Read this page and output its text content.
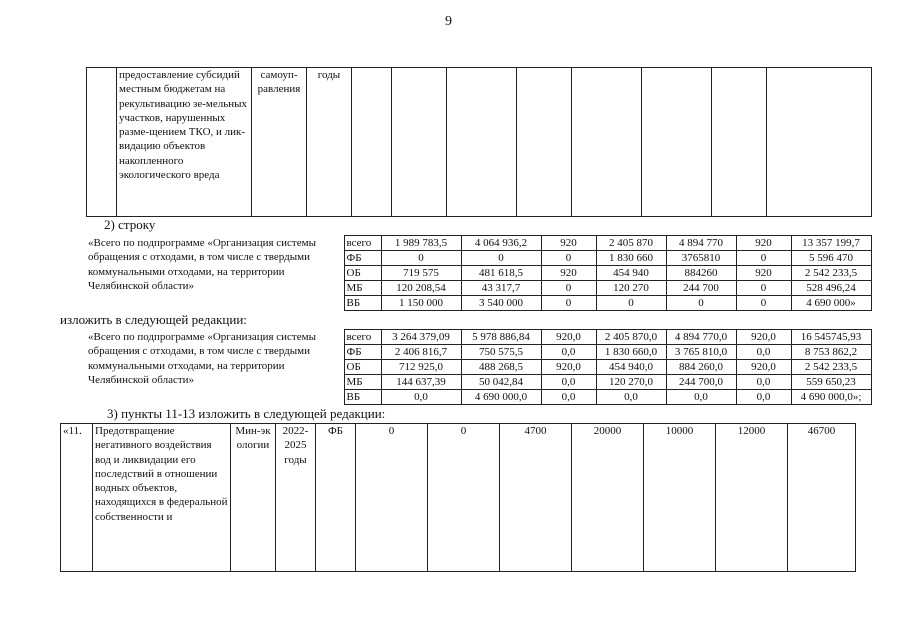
9
	предоставление субсидий местным бюджетам на рекультивацию зе-мельных участков, нарушенных разме-щением ТКО, и лик-видацию объектов накопленного экологического вреда	самоуп-равления	годы								
2) строку
«Всего по подпрограмме «Организация системы обращения с отходами, в том числе с твердыми коммунальными отходами, на территории Челябинской области»	всего	1 989 783,5	4 064 936,2	920	2 405 870	4 894 770	920	13 357 199,7
	ФБ	0	0	0	1 830 660	3765810	0	5 596 470
	ОБ	719 575	481 618,5	920	454 940	884260	920	2 542 233,5
	МБ	120 208,54	43 317,7	0	120 270	244 700	0	528 496,24
	ВБ	1 150 000	3 540 000	0	0	0	0	4 690 000»
изложить в следующей редакции:
«Всего по подпрограмме «Организация системы обращения с отходами, в том числе с твердыми коммунальными отходами, на территории Челябинской области»	всего	3 264 379,09	5 978 886,84	920,0	2 405 870,0	4 894 770,0	920,0	16 545745,93
	ФБ	2 406 816,7	750 575,5	0,0	1 830 660,0	3 765 810,0	0,0	8 753 862,2
	ОБ	712 925,0	488 268,5	920,0	454 940,0	884 260,0	920,0	2 542 233,5
	МБ	144 637,39	50 042,84	0,0	120 270,0	244 700,0	0,0	559 650,23
	ВБ	0,0	4 690 000,0	0,0	0,0	0,0	0,0	4 690 000,0»;
3) пункты 11-13 изложить в следующей редакции:
«11.	Предотвращение негативного воздействия вод и ликвидации его последствий в отношении водных объектов, находящихся в федеральной собственности и	Мин-экологии	2022-2025 годы	ФБ	0	0	4700	20000	10000	12000	46700
